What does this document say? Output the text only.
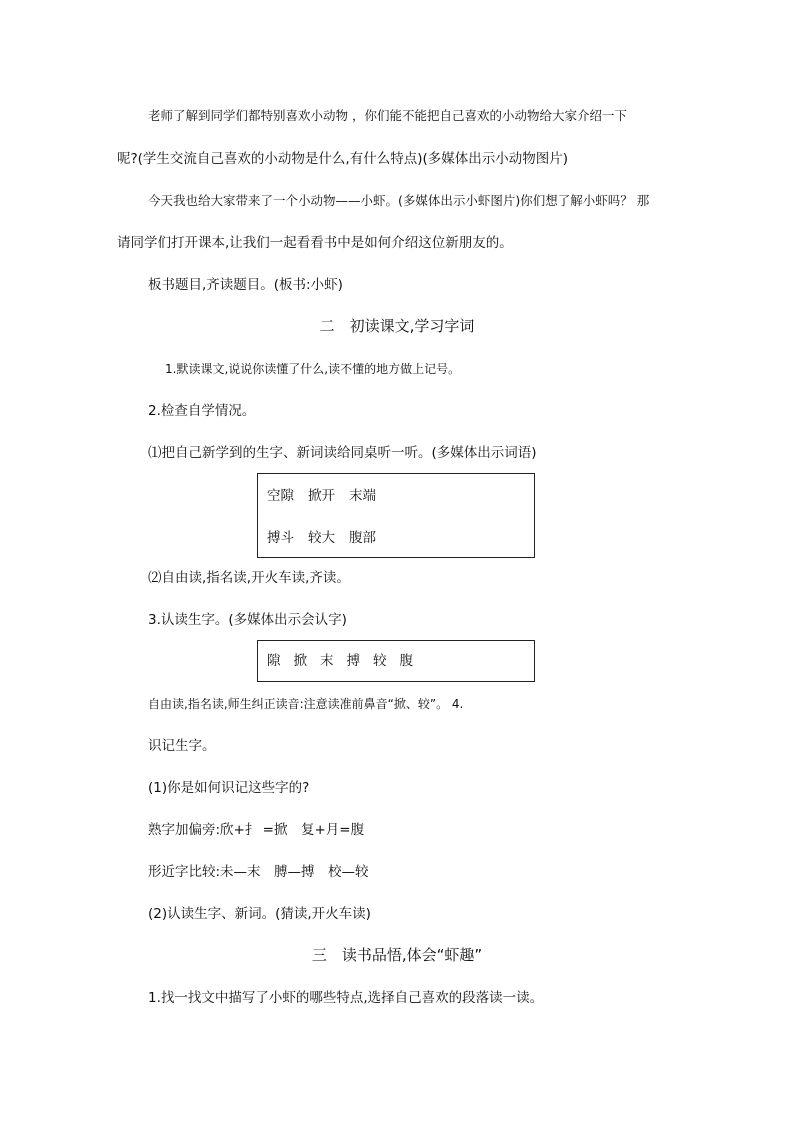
老师了解到同学们都特别喜欢小动物 ，你们能不能把自己喜欢的小动物给大家介绍一下
呢?(学生交流自己喜欢的小动物是什么,有什么特点)(多媒体出示小动物图片)
今天我也给大家带来了一个小动物——小虾。(多媒体出示小虾图片)你们想了解小虾吗？ 那
请同学们打开课本,让我们一起看看书中是如何介绍这位新朋友的。
板书题目,齐读题目。(板书:小虾)
二　初读课文,学习字词
1.默读课文,说说你读懂了什么,读不懂的地方做上记号。
2.检查自学情况。
⑴把自己新学到的生字、新词读给同桌听一听。(多媒体出示词语)
空隙 掀开 末端
搏斗 较大 腹部
⑵自由读,指名读,开火车读,齐读。
3.认读生字。(多媒体出示会认字)
隙 掀 末 搏 较 腹
自由读,指名读,师生纠正读音:注意读准前鼻音“掀、较”。 4.
识记生字。
(1)你是如何识记这些字的?
熟字加偏旁:欣+扌 =掀　复+月=腹
形近字比较:未—末　膊—搏　校—较
(2)认读生字、新词。(猜读,开火车读)
三　读书品悟,体会“虾趣”
1.找一找文中描写了小虾的哪些特点,选择自己喜欢的段落读一读。
